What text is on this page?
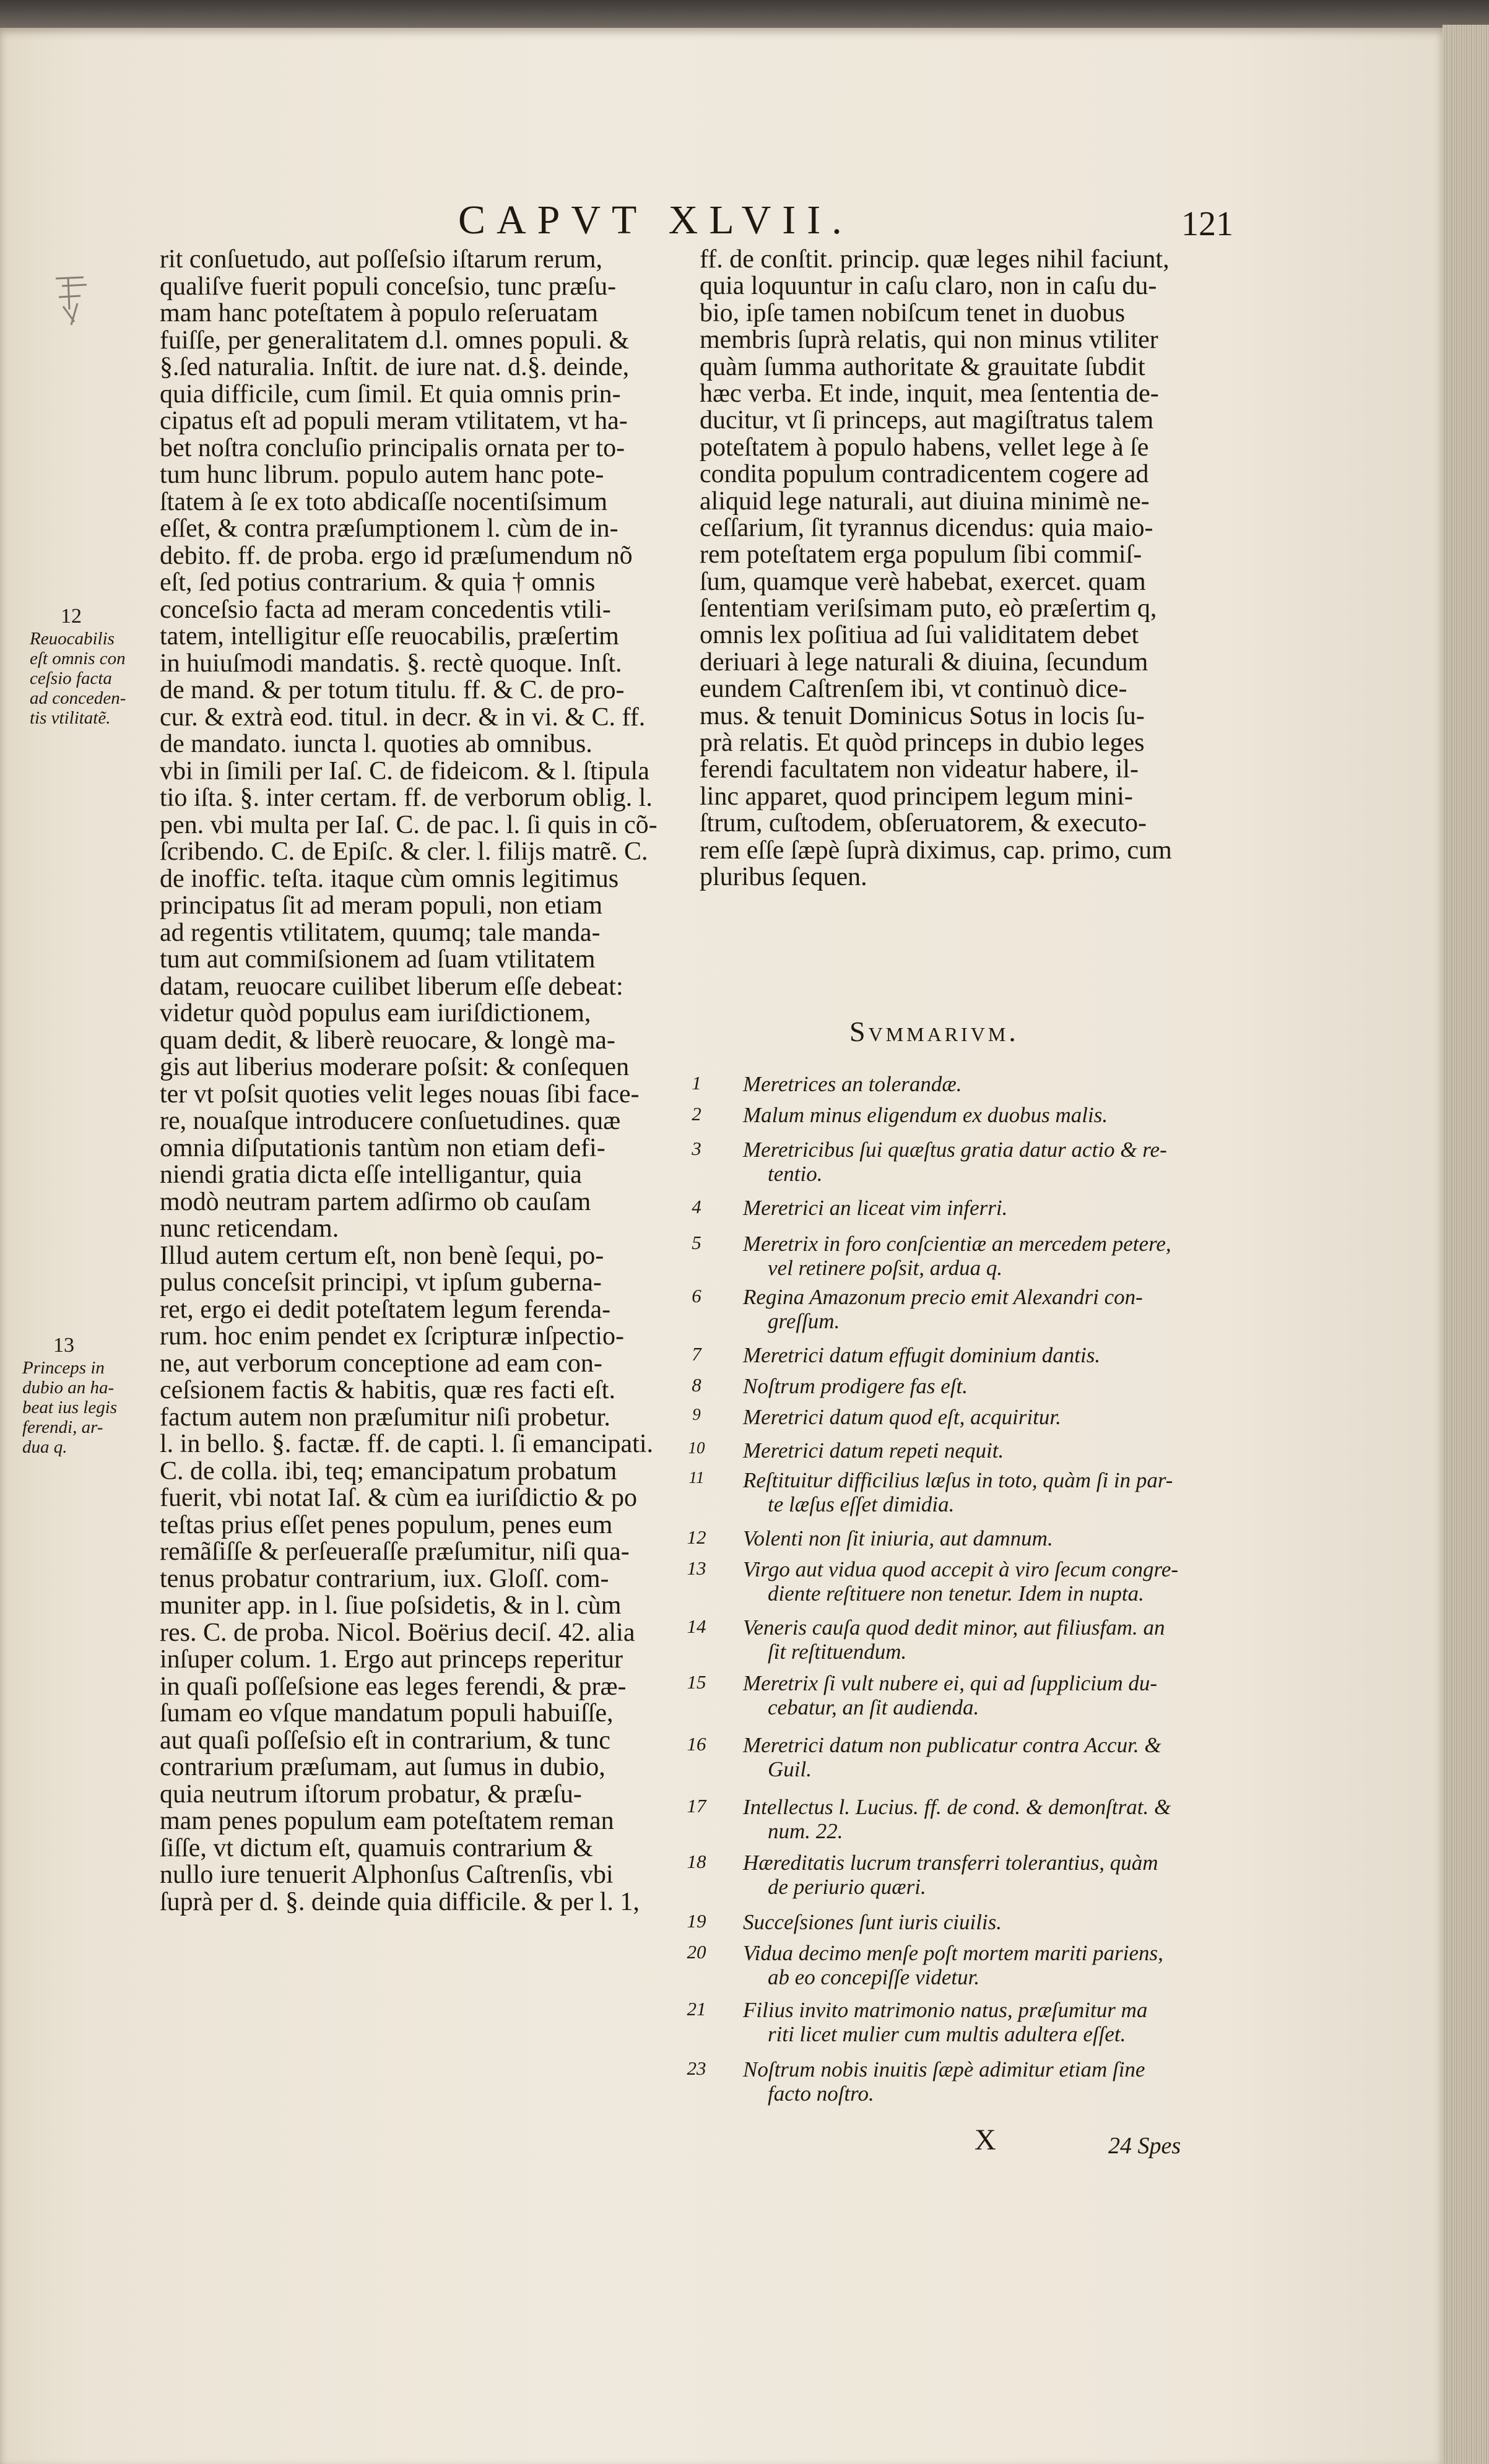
CAPVT XLVII.	121
rit conſuetudo, aut poſſeſsio iſtarum rerum,
qualiſve fuerit populi conceſsio, tunc præſu-
mam hanc poteſtatem à populo reſeruatam
fuiſſe, per generalitatem d.l. omnes populi. &
§.ſed naturalia. Inſtit. de iure nat. d.§. deinde,
quia difficile, cum ſimil. Et quia omnis prin-
cipatus eſt ad populi meram vtilitatem, vt ha-
bet noſtra concluſio principalis ornata per to-
tum hunc librum. populo autem hanc pote-
ſtatem à ſe ex toto abdicaſſe nocentiſsimum
eſſet, & contra præſumptionem l. cùm de in-
debito. ff. de proba. ergo id præſumendum nõ
eſt, ſed potius contrarium. & quia † omnis
conceſsio facta ad meram concedentis vtili-
tatem, intelligitur eſſe reuocabilis, præſertim
in huiuſmodi mandatis. §. rectè quoque. Inſt.
de mand. & per totum titulu. ff. & C. de pro-
cur. & extrà eod. titul. in decr. & in vi. & C. ff.
de mandato. iuncta l. quoties ab omnibus.
vbi in ſimili per Iaſ. C. de fideicom. & l. ſtipula
tio iſta. §. inter certam. ff. de verborum oblig. l.
pen. vbi multa per Iaſ. C. de pac. l. ſi quis in cõ-
ſcribendo. C. de Epiſc. & cler. l. filijs matrẽ. C.
de inoffic. teſta. itaque cùm omnis legitimus
principatus ſit ad meram populi, non etiam
ad regentis vtilitatem, quumq; tale manda-
tum aut commiſsionem ad ſuam vtilitatem
datam, reuocare cuilibet liberum eſſe debeat:
videtur quòd populus eam iuriſdictionem,
quam dedit, & liberè reuocare, & longè ma-
gis aut liberius moderare poſsit: & conſequen
ter vt poſsit quoties velit leges nouas ſibi face-
re, nouaſque introducere conſuetudines. quæ
omnia diſputationis tantùm non etiam defi-
niendi gratia dicta eſſe intelligantur, quia
modò neutram partem adſirmo ob cauſam
nunc reticendam.
Illud autem certum eſt, non benè ſequi, po-
pulus conceſsit principi, vt ipſum guberna-
ret, ergo ei dedit poteſtatem legum ferenda-
rum. hoc enim pendet ex ſcripturæ inſpectio-
ne, aut verborum conceptione ad eam con-
ceſsionem factis & habitis, quæ res facti eſt.
factum autem non præſumitur niſi probetur.
l. in bello. §. factæ. ff. de capti. l. ſi emancipati.
C. de colla. ibi, teq; emancipatum probatum
fuerit, vbi notat Iaſ. & cùm ea iuriſdictio & po
teſtas prius eſſet penes populum, penes eum
remãſiſſe & perſeueraſſe præſumitur, niſi qua-
tenus probatur contrarium, iux. Gloſſ. com-
muniter app. in l. ſiue poſsidetis, & in l. cùm
res. C. de proba. Nicol. Boërius deciſ. 42. alia
inſuper colum. 1. Ergo aut princeps reperitur
in quaſi poſſeſsione eas leges ferendi, & præ-
ſumam eo vſque mandatum populi habuiſſe,
aut quaſi poſſeſsio eſt in contrarium, & tunc
contrarium præſumam, aut ſumus in dubio,
quia neutrum iſtorum probatur, & præſu-
mam penes populum eam poteſtatem reman
ſiſſe, vt dictum eſt, quamuis contrarium &
nullo iure tenuerit Alphonſus Caſtrenſis, vbi
ſuprà per d. §. deinde quia difficile. & per l. 1,
ff. de conſtit. princip. quæ leges nihil faciunt,
quia loquuntur in caſu claro, non in caſu du-
bio, ipſe tamen nobiſcum tenet in duobus
membris ſuprà relatis, qui non minus vtiliter
quàm ſumma authoritate & grauitate ſubdit
hæc verba. Et inde, inquit, mea ſententia de-
ducitur, vt ſi princeps, aut magiſtratus talem
poteſtatem à populo habens, vellet lege à ſe
condita populum contradicentem cogere ad
aliquid lege naturali, aut diuina minimè ne-
ceſſarium, ſit tyrannus dicendus: quia maio-
rem poteſtatem erga populum ſibi commiſ-
ſum, quamque verè habebat, exercet. quam
ſententiam veriſsimam puto, eò præſertim q,
omnis lex poſitiua ad ſui validitatem debet
deriuari à lege naturali & diuina, ſecundum
eundem Caſtrenſem ibi, vt continuò dice-
mus. & tenuit Dominicus Sotus in locis ſu-
prà relatis. Et quòd princeps in dubio leges
ferendi facultatem non videatur habere, il-
linc apparet, quod principem legum mini-
ſtrum, cuſtodem, obſeruatorem, & executo-
rem eſſe ſæpè ſuprà diximus, cap. primo, cum
pluribus ſequen.
12
Reuocabilis
eſt omnis con
ceſsio facta
ad conceden-
tis vtilitatẽ.
13
Princeps in
dubio an ha-
beat ius legis
ferendi, ar-
dua q.
Svmmarivm.
1	Meretrices an tolerandæ.
2	Malum minus eligendum ex duobus malis.
3	Meretricibus ſui quæſtus gratia datur actio & re-
tentio.
4	Meretrici an liceat vim inferri.
5	Meretrix in foro conſcientiæ an mercedem petere,
vel retinere poſsit, ardua q.
6	Regina Amazonum precio emit Alexandri con-
greſſum.
7	Meretrici datum effugit dominium dantis.
8	Noſtrum prodigere fas eſt.
9	Meretrici datum quod eſt, acquiritur.
10	Meretrici datum repeti nequit.
11	Reſtituitur difficilius læſus in toto, quàm ſi in par-
te læſus eſſet dimidia.
12 Volenti non ſit iniuria, aut damnum.
13 Virgo aut vidua quod accepit à viro ſecum congre-
diente reſtituere non tenetur. Idem in nupta.
14 Veneris cauſa quod dedit minor, aut filiusfam. an
ſit reſtituendum.
15 Meretrix ſi vult nubere ei, qui ad ſupplicium du-
cebatur, an ſit audienda.
16 Meretrici datum non publicatur contra Accur. &
Guil.
17 Intellectus l. Lucius. ff. de cond. & demonſtrat. &
num. 22.
18 Hæreditatis lucrum transferri tolerantius, quàm
de periurio quæri.
19 Succeſsiones ſunt iuris ciuilis.
20 Vidua decimo menſe poſt mortem mariti pariens,
ab eo concepiſſe videtur.
21 Filius invito matrimonio natus, præſumitur ma
riti licet mulier cum multis adultera eſſet.
23 Noſtrum nobis inuitis ſæpè adimitur etiam ſine
facto noſtro.
X	24 Spes
